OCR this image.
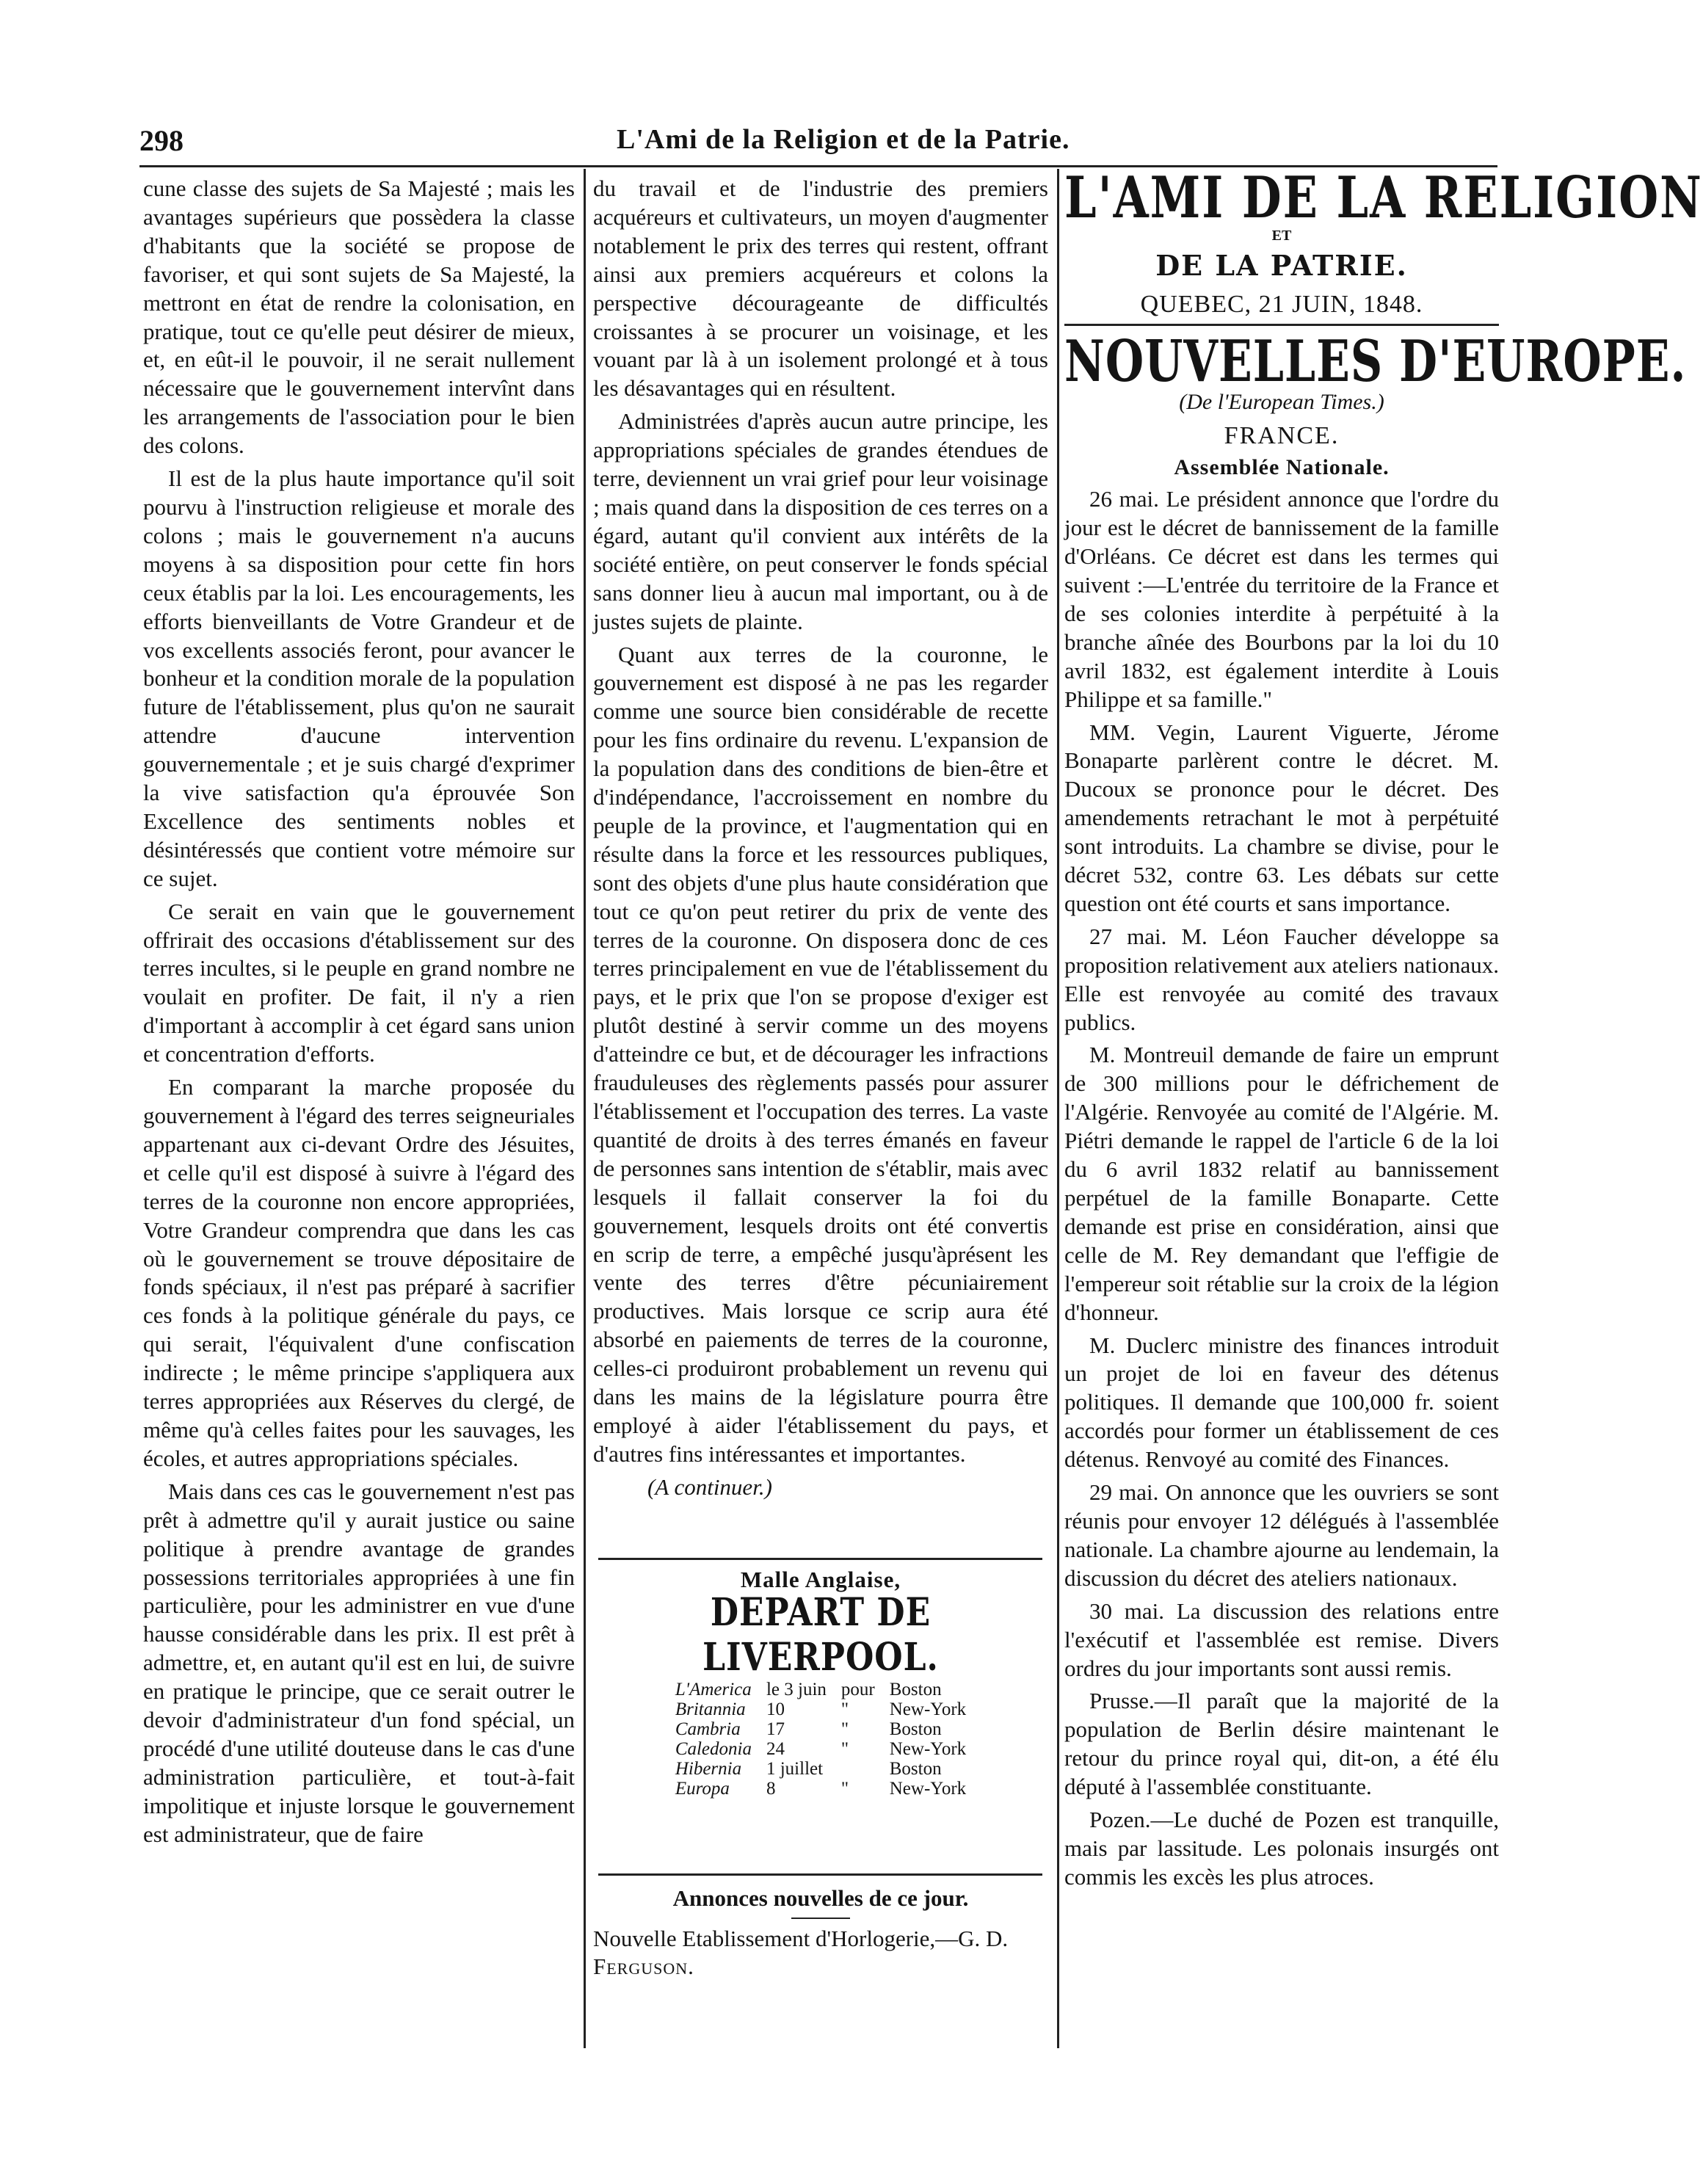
298	L'Ami de la Religion et de la Patrie.

cune classe des sujets de Sa Majesté ; mais les avantages supérieurs que possèdera la classe d'habitants que la société se propose de favoriser, et qui sont sujets de Sa Majesté, la mettront en état de rendre la colonisation, en pratique, tout ce qu'elle peut désirer de mieux, et, en eût-il le pouvoir, il ne serait nullement nécessaire que le gouvernement intervînt dans les arrangements de l'association pour le bien des colons.

Il est de la plus haute importance qu'il soit pourvu à l'instruction religieuse et morale des colons ; mais le gouvernement n'a aucuns moyens à sa disposition pour cette fin hors ceux établis par la loi. Les encouragements, les efforts bienveillants de Votre Grandeur et de vos excellents associés feront, pour avancer le bonheur et la condition morale de la population future de l'établissement, plus qu'on ne saurait attendre d'aucune intervention gouvernementale ; et je suis chargé d'exprimer la vive satisfaction qu'a éprouvée Son Excellence des sentiments nobles et désintéressés que contient votre mémoire sur ce sujet.

Ce serait en vain que le gouvernement offrirait des occasions d'établissement sur des terres incultes, si le peuple en grand nombre ne voulait en profiter. De fait, il n'y a rien d'important à accomplir à cet égard sans union et concentration d'efforts.

En comparant la marche proposée du gouvernement à l'égard des terres seigneuriales appartenant aux ci-devant Ordre des Jésuites, et celle qu'il est disposé à suivre à l'égard des terres de la couronne non encore appropriées, Votre Grandeur comprendra que dans les cas où le gouvernement se trouve dépositaire de fonds spéciaux, il n'est pas préparé à sacrifier ces fonds à la politique générale du pays, ce qui serait, l'équivalent d'une confiscation indirecte ; le même principe s'appliquera aux terres appropriées aux Réserves du clergé, de même qu'à celles faites pour les sauvages, les écoles, et autres appropriations spéciales.

Mais dans ces cas le gouvernement n'est pas prêt à admettre qu'il y aurait justice ou saine politique à prendre avantage de grandes possessions territoriales appropriées à une fin particulière, pour les administrer en vue d'une hausse considérable dans les prix. Il est prêt à admettre, et, en autant qu'il est en lui, de suivre en pratique le principe, que ce serait outrer le devoir d'administrateur d'un fond spécial, un procédé d'une utilité douteuse dans le cas d'une administration particulière, et tout-à-fait impolitique et injuste lorsque le gouvernement est administrateur, que de faire

du travail et de l'industrie des premiers acquéreurs et cultivateurs, un moyen d'augmenter notablement le prix des terres qui restent, offrant ainsi aux premiers acquéreurs et colons la perspective décourageante de difficultés croissantes à se procurer un voisinage, et les vouant par là à un isolement prolongé et à tous les désavantages qui en résultent.

Administrées d'après aucun autre principe, les appropriations spéciales de grandes étendues de terre, deviennent un vrai grief pour leur voisinage ; mais quand dans la disposition de ces terres on a égard, autant qu'il convient aux intérêts de la société entière, on peut conserver le fonds spécial sans donner lieu à aucun mal important, ou à de justes sujets de plainte.

Quant aux terres de la couronne, le gouvernement est disposé à ne pas les regarder comme une source bien considérable de recette pour les fins ordinaire du revenu. L'expansion de la population dans des conditions de bien-être et d'indépendance, l'accroissement en nombre du peuple de la province, et l'augmentation qui en résulte dans la force et les ressources publiques, sont des objets d'une plus haute considération que tout ce qu'on peut retirer du prix de vente des terres de la couronne. On disposera donc de ces terres principalement en vue de l'établissement du pays, et le prix que l'on se propose d'exiger est plutôt destiné à servir comme un des moyens d'atteindre ce but, et de décourager les infractions frauduleuses des règlements passés pour assurer l'établissement et l'occupation des terres. La vaste quantité de droits à des terres émanés en faveur de personnes sans intention de s'établir, mais avec lesquels il fallait conserver la foi du gouvernement, lesquels droits ont été convertis en scrip de terre, a empêché jusqu'àprésent les vente des terres d'être pécuniairement productives. Mais lorsque ce scrip aura été absorbé en paiements de terres de la couronne, celles-ci produiront probablement un revenu qui dans les mains de la législature pourra être employé à aider l'établissement du pays, et d'autres fins intéressantes et importantes.

(A continuer.)

Malle Anglaise,
DEPART DE LIVERPOOL.
L'America	le 3 juin	pour	Boston
Britannia	10	"	New-York
Cambria	17	"	Boston
Caledonia	24	"	New-York
Hibernia	1 juillet		Boston
Europa	8	"	New-York
Annonces nouvelles de ce jour.
Nouvelle Etablissement d'Horlogerie,—G. D. Ferguson.
L'AMI DE LA RELIGION
ET
DE LA PATRIE.
QUEBEC, 21 JUIN, 1848.
NOUVELLES D'EUROPE.
(De l'European Times.)
FRANCE.
Assemblée Nationale.

26 mai. Le président annonce que l'ordre du jour est le décret de bannissement de la famille d'Orléans. Ce décret est dans les termes qui suivent :—L'entrée du territoire de la France et de ses colonies interdite à perpétuité à la branche aînée des Bourbons par la loi du 10 avril 1832, est également interdite à Louis Philippe et sa famille."

MM. Vegin, Laurent Viguerte, Jérome Bonaparte parlèrent contre le décret. M. Ducoux se prononce pour le décret. Des amendements retrachant le mot à perpétuité sont introduits. La chambre se divise, pour le décret 532, contre 63. Les débats sur cette question ont été courts et sans importance.

27 mai. M. Léon Faucher développe sa proposition relativement aux ateliers nationaux. Elle est renvoyée au comité des travaux publics.

M. Montreuil demande de faire un emprunt de 300 millions pour le défrichement de l'Algérie. Renvoyée au comité de l'Algérie. M. Piétri demande le rappel de l'article 6 de la loi du 6 avril 1832 relatif au bannissement perpétuel de la famille Bonaparte. Cette demande est prise en considération, ainsi que celle de M. Rey demandant que l'effigie de l'empereur soit rétablie sur la croix de la légion d'honneur.

M. Duclerc ministre des finances introduit un projet de loi en faveur des détenus politiques. Il demande que 100,000 fr. soient accordés pour former un établissement de ces détenus. Renvoyé au comité des Finances.

29 mai. On annonce que les ouvriers se sont réunis pour envoyer 12 délégués à l'assemblée nationale. La chambre ajourne au lendemain, la discussion du décret des ateliers nationaux.

30 mai. La discussion des relations entre l'exécutif et l'assemblée est remise. Divers ordres du jour importants sont aussi remis.

Prusse.—Il paraît que la majorité de la population de Berlin désire maintenant le retour du prince royal qui, dit-on, a été élu député à l'assemblée constituante.

Pozen.—Le duché de Pozen est tranquille, mais par lassitude. Les polonais insurgés ont commis les excès les plus atroces.
